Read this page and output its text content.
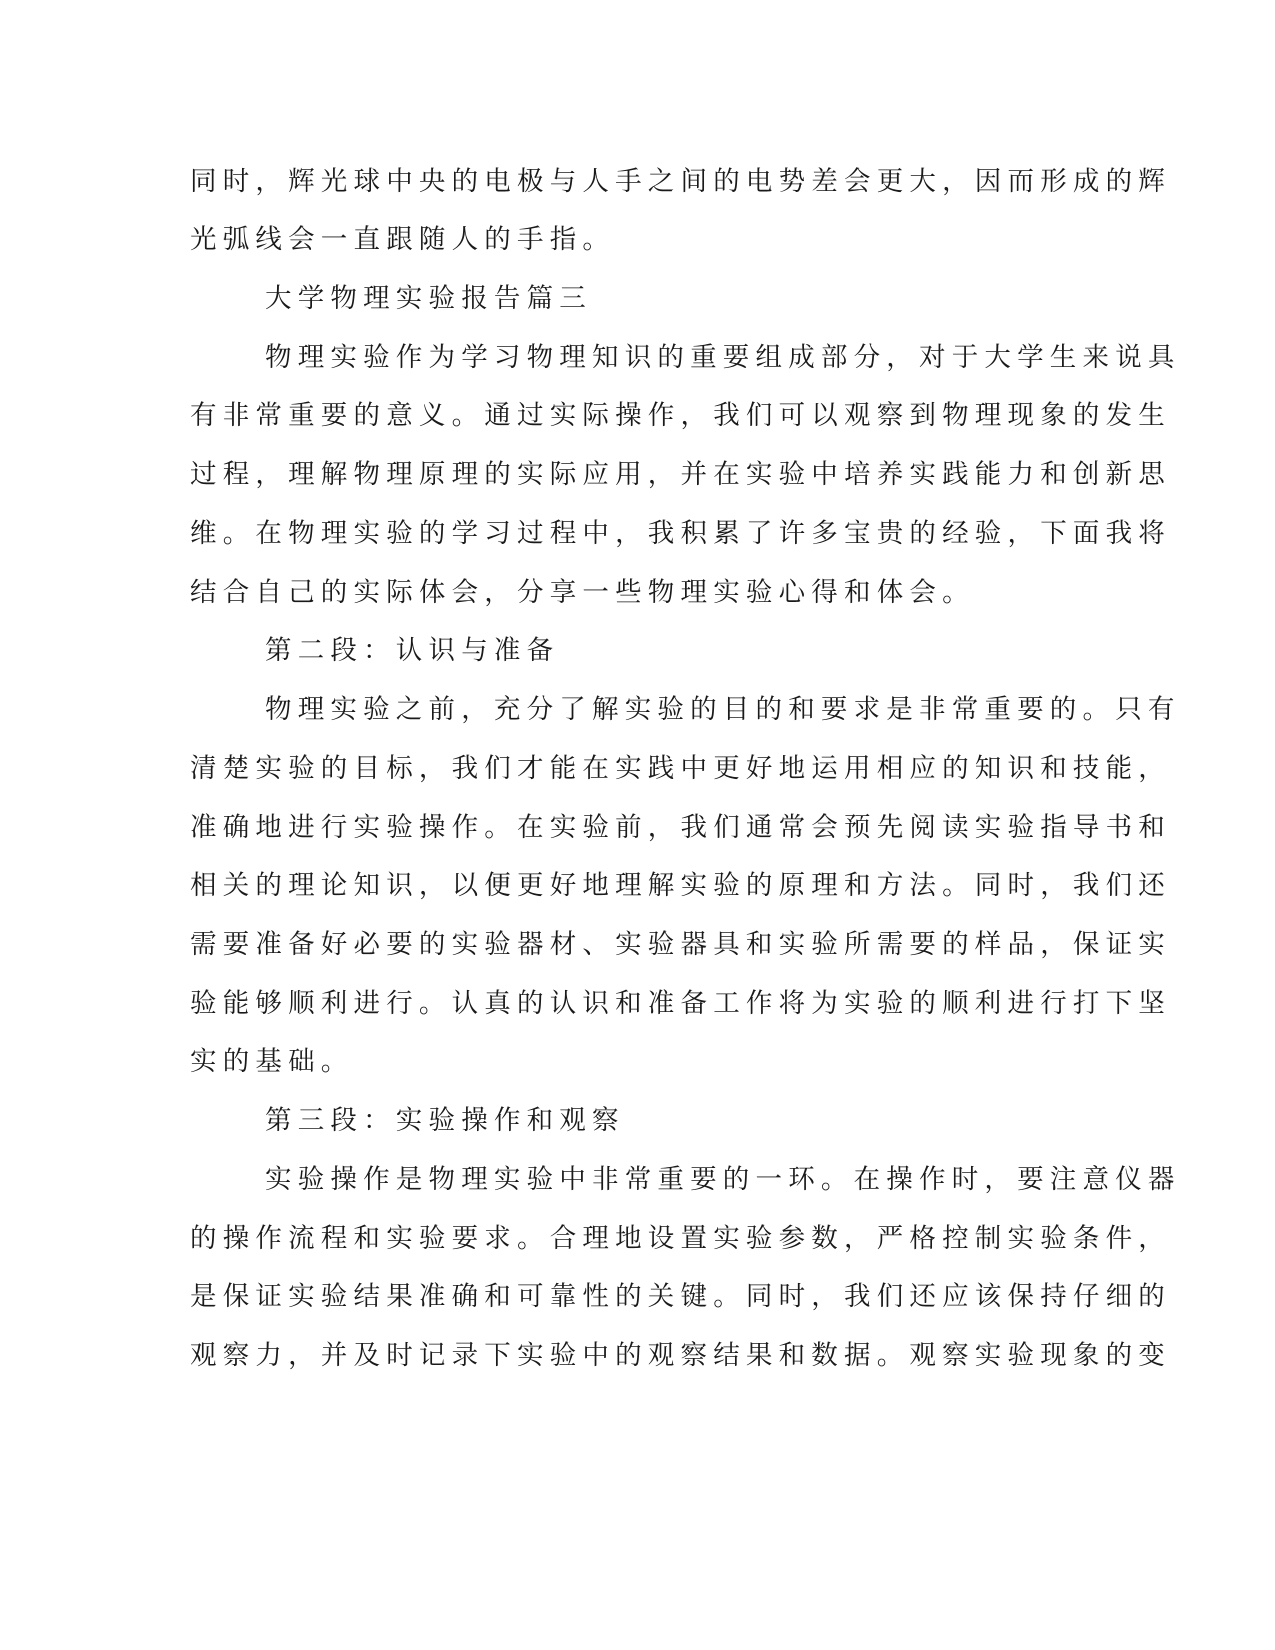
同时，辉光球中央的电极与人手之间的电势差会更大，因而形成的辉

光弧线会一直跟随人的手指。

大学物理实验报告篇三

物理实验作为学习物理知识的重要组成部分，对于大学生来说具

有非常重要的意义。通过实际操作，我们可以观察到物理现象的发生

过程，理解物理原理的实际应用，并在实验中培养实践能力和创新思

维。在物理实验的学习过程中，我积累了许多宝贵的经验，下面我将

结合自己的实际体会，分享一些物理实验心得和体会。

第二段：认识与准备

物理实验之前，充分了解实验的目的和要求是非常重要的。只有

清楚实验的目标，我们才能在实践中更好地运用相应的知识和技能，

准确地进行实验操作。在实验前，我们通常会预先阅读实验指导书和

相关的理论知识，以便更好地理解实验的原理和方法。同时，我们还

需要准备好必要的实验器材、实验器具和实验所需要的样品，保证实

验能够顺利进行。认真的认识和准备工作将为实验的顺利进行打下坚

实的基础。

第三段：实验操作和观察

实验操作是物理实验中非常重要的一环。在操作时，要注意仪器

的操作流程和实验要求。合理地设置实验参数，严格控制实验条件，

是保证实验结果准确和可靠性的关键。同时，我们还应该保持仔细的

观察力，并及时记录下实验中的观察结果和数据。观察实验现象的变
